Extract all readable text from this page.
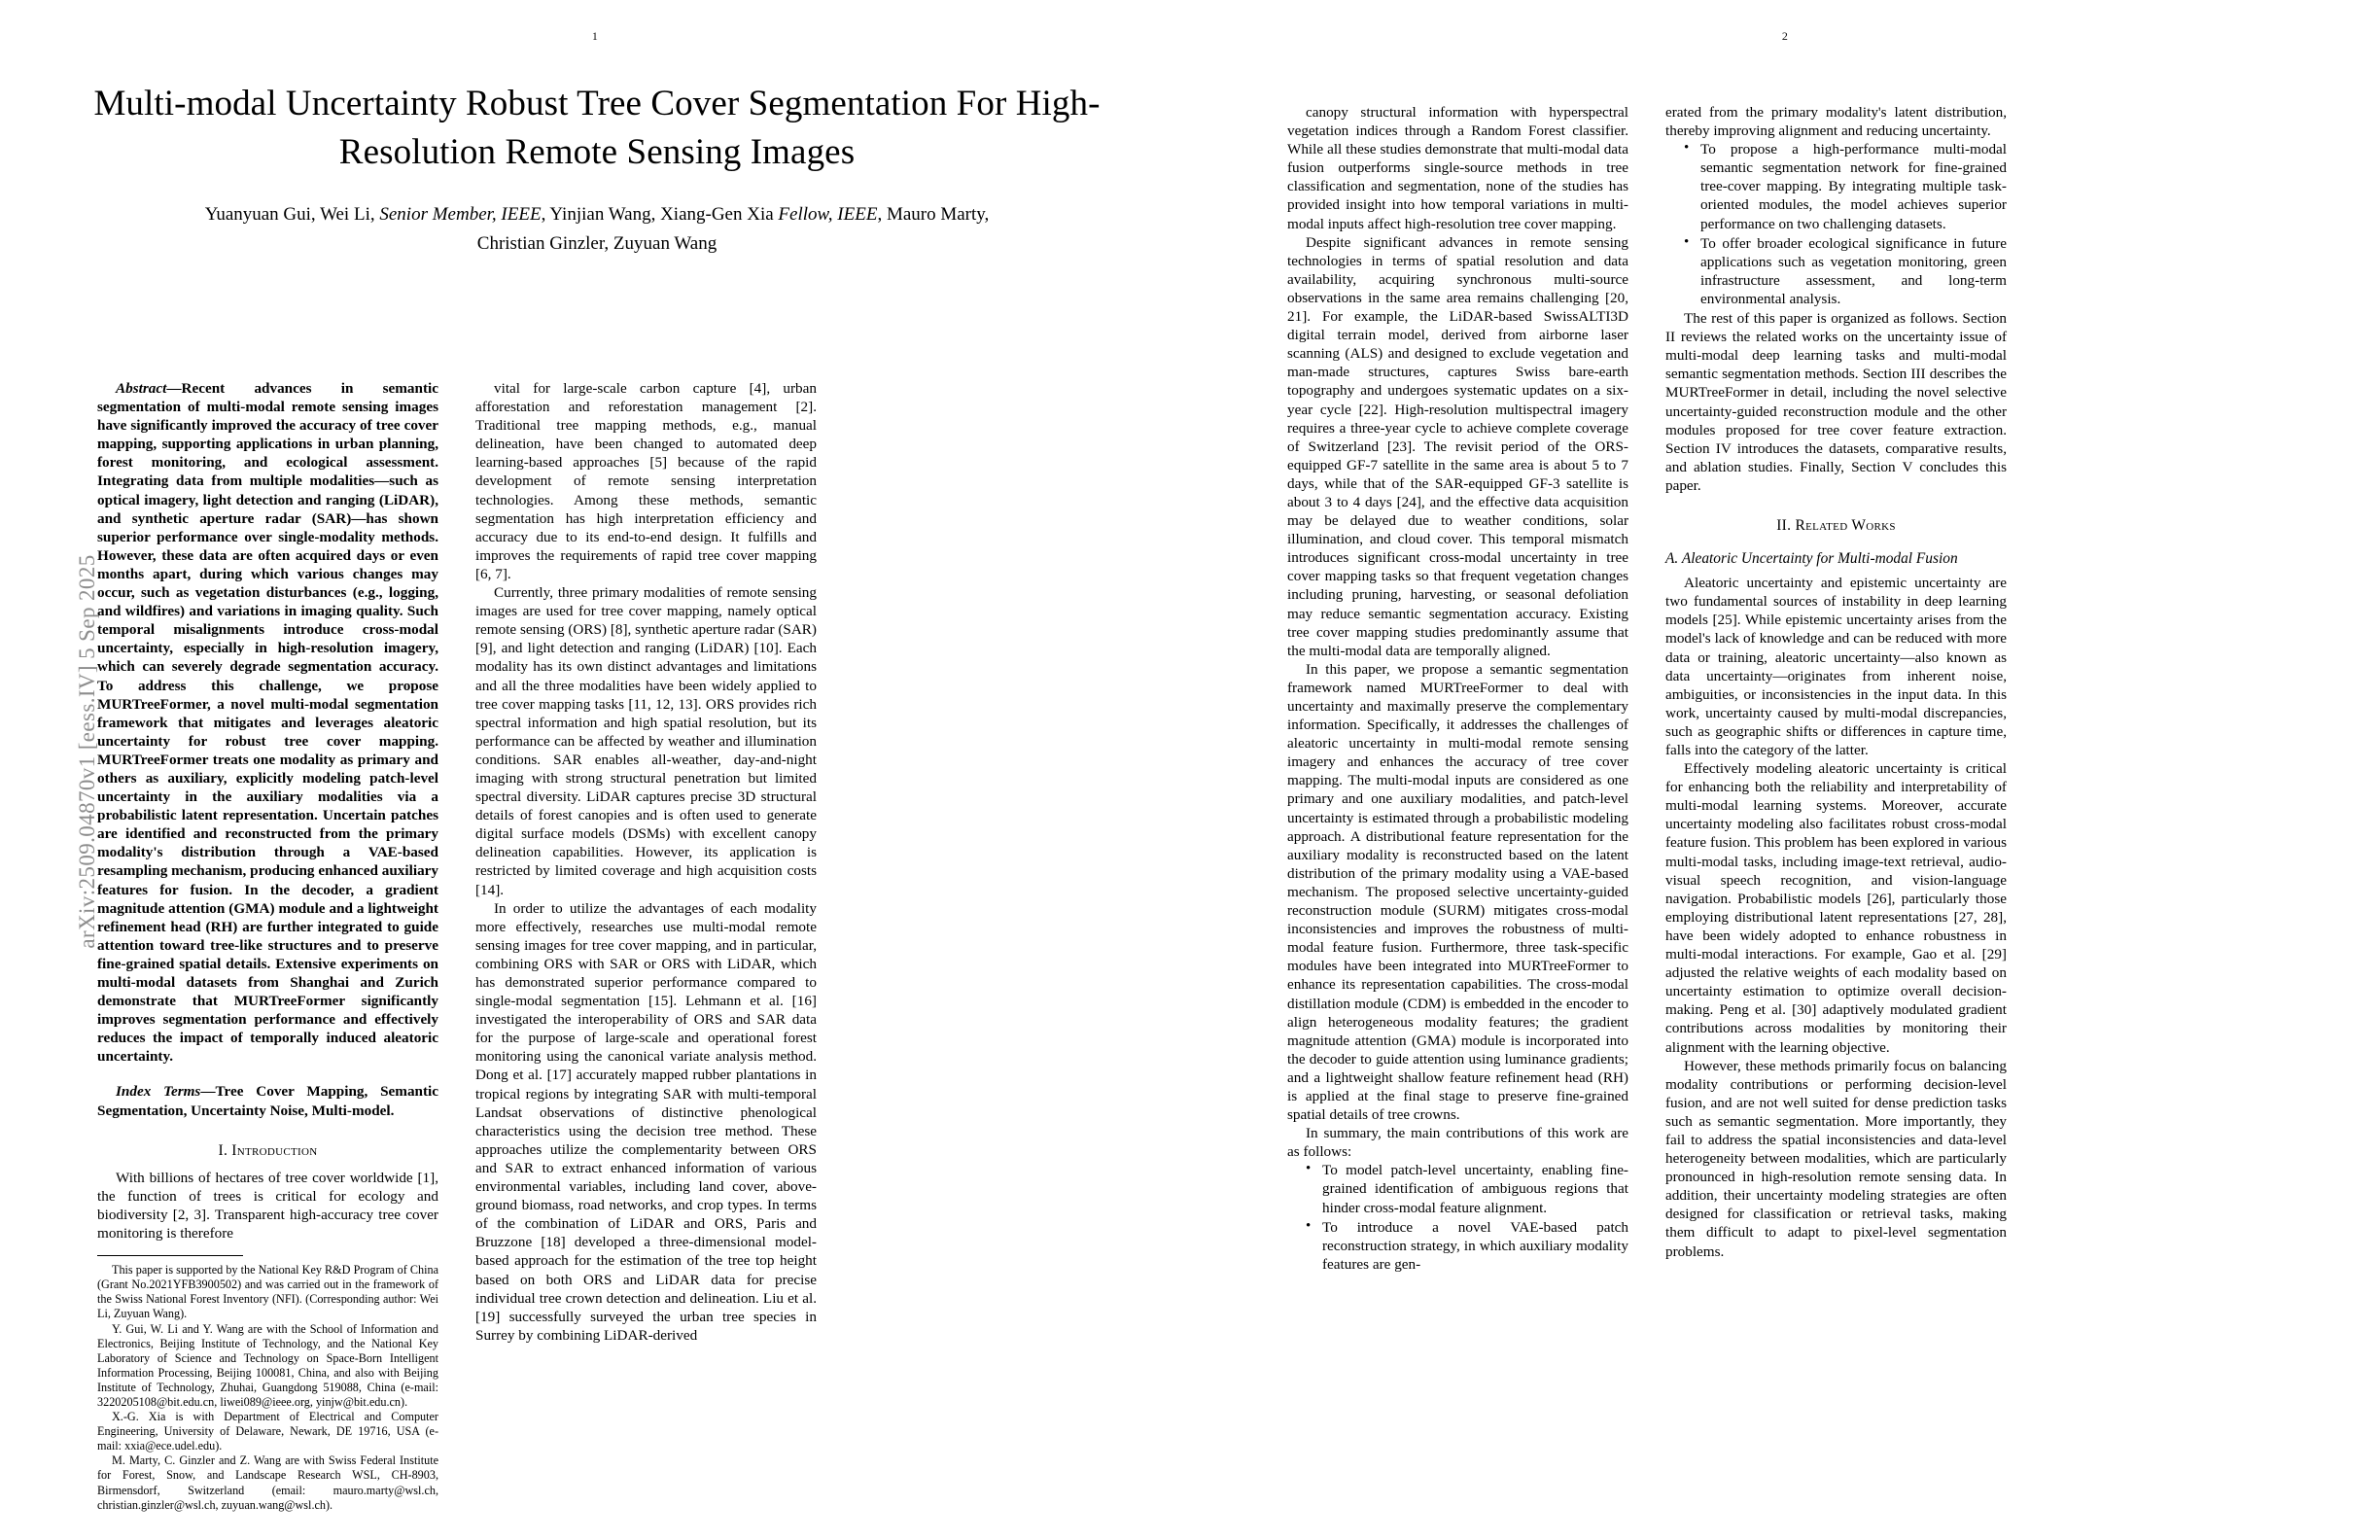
1
arXiv:2509.04870v1 [eess.IV] 5 Sep 2025
Multi-modal Uncertainty Robust Tree Cover Segmentation For High-Resolution Remote Sensing Images
Yuanyuan Gui, Wei Li, Senior Member, IEEE, Yinjian Wang, Xiang-Gen Xia Fellow, IEEE, Mauro Marty,
Christian Ginzler, Zuyuan Wang

Abstract—Recent advances in semantic segmentation of multi-modal remote sensing images have significantly improved the accuracy of tree cover mapping, supporting applications in urban planning, forest monitoring, and ecological assessment. Integrating data from multiple modalities—such as optical imagery, light detection and ranging (LiDAR), and synthetic aperture radar (SAR)—has shown superior performance over single-modality methods. However, these data are often acquired days or even months apart, during which various changes may occur, such as vegetation disturbances (e.g., logging, and wildfires) and variations in imaging quality. Such temporal misalignments introduce cross-modal uncertainty, especially in high-resolution imagery, which can severely degrade segmentation accuracy. To address this challenge, we propose MURTreeFormer, a novel multi-modal segmentation framework that mitigates and leverages aleatoric uncertainty for robust tree cover mapping. MURTreeFormer treats one modality as primary and others as auxiliary, explicitly modeling patch-level uncertainty in the auxiliary modalities via a probabilistic latent representation. Uncertain patches are identified and reconstructed from the primary modality's distribution through a VAE-based resampling mechanism, producing enhanced auxiliary features for fusion. In the decoder, a gradient magnitude attention (GMA) module and a lightweight refinement head (RH) are further integrated to guide attention toward tree-like structures and to preserve fine-grained spatial details. Extensive experiments on multi-modal datasets from Shanghai and Zurich demonstrate that MURTreeFormer significantly improves segmentation performance and effectively reduces the impact of temporally induced aleatoric uncertainty.

Index Terms—Tree Cover Mapping, Semantic Segmentation, Uncertainty Noise, Multi-model.

I. Introduction

With billions of hectares of tree cover worldwide [1], the function of trees is critical for ecology and biodiversity [2, 3]. Transparent high-accuracy tree cover monitoring is therefore

This paper is supported by the National Key R&D Program of China (Grant No.2021YFB3900502) and was carried out in the framework of the Swiss National Forest Inventory (NFI). (Corresponding author: Wei Li, Zuyuan Wang).

Y. Gui, W. Li and Y. Wang are with the School of Information and Electronics, Beijing Institute of Technology, and the National Key Laboratory of Science and Technology on Space-Born Intelligent Information Processing, Beijing 100081, China, and also with Beijing Institute of Technology, Zhuhai, Guangdong 519088, China (e-mail: 3220205108@bit.edu.cn, liwei089@ieee.org, yinjw@bit.edu.cn).

X.-G. Xia is with Department of Electrical and Computer Engineering, University of Delaware, Newark, DE 19716, USA (e-mail: xxia@ece.udel.edu).

M. Marty, C. Ginzler and Z. Wang are with Swiss Federal Institute for Forest, Snow, and Landscape Research WSL, CH-8903, Birmensdorf, Switzerland (email: mauro.marty@wsl.ch, christian.ginzler@wsl.ch, zuyuan.wang@wsl.ch).

vital for large-scale carbon capture [4], urban afforestation and reforestation management [2]. Traditional tree mapping methods, e.g., manual delineation, have been changed to automated deep learning-based approaches [5] because of the rapid development of remote sensing interpretation technologies. Among these methods, semantic segmentation has high interpretation efficiency and accuracy due to its end-to-end design. It fulfills and improves the requirements of rapid tree cover mapping [6, 7].

Currently, three primary modalities of remote sensing images are used for tree cover mapping, namely optical remote sensing (ORS) [8], synthetic aperture radar (SAR) [9], and light detection and ranging (LiDAR) [10]. Each modality has its own distinct advantages and limitations and all the three modalities have been widely applied to tree cover mapping tasks [11, 12, 13]. ORS provides rich spectral information and high spatial resolution, but its performance can be affected by weather and illumination conditions. SAR enables all-weather, day-and-night imaging with strong structural penetration but limited spectral diversity. LiDAR captures precise 3D structural details of forest canopies and is often used to generate digital surface models (DSMs) with excellent canopy delineation capabilities. However, its application is restricted by limited coverage and high acquisition costs [14].

In order to utilize the advantages of each modality more effectively, researches use multi-modal remote sensing images for tree cover mapping, and in particular, combining ORS with SAR or ORS with LiDAR, which has demonstrated superior performance compared to single-modal segmentation [15]. Lehmann et al. [16] investigated the interoperability of ORS and SAR data for the purpose of large-scale and operational forest monitoring using the canonical variate analysis method. Dong et al. [17] accurately mapped rubber plantations in tropical regions by integrating SAR with multi-temporal Landsat observations of distinctive phenological characteristics using the decision tree method. These approaches utilize the complementarity between ORS and SAR to extract enhanced information of various environmental variables, including land cover, above-ground biomass, road networks, and crop types. In terms of the combination of LiDAR and ORS, Paris and Bruzzone [18] developed a three-dimensional model-based approach for the estimation of the tree top height based on both ORS and LiDAR data for precise individual tree crown detection and delineation. Liu et al. [19] successfully surveyed the urban tree species in Surrey by combining LiDAR-derived

2

canopy structural information with hyperspectral vegetation indices through a Random Forest classifier. While all these studies demonstrate that multi-modal data fusion outperforms single-source methods in tree classification and segmentation, none of the studies has provided insight into how temporal variations in multi-modal inputs affect high-resolution tree cover mapping.

Despite significant advances in remote sensing technologies in terms of spatial resolution and data availability, acquiring synchronous multi-source observations in the same area remains challenging [20, 21]. For example, the LiDAR-based SwissALTI3D digital terrain model, derived from airborne laser scanning (ALS) and designed to exclude vegetation and man-made structures, captures Swiss bare-earth topography and undergoes systematic updates on a six-year cycle [22]. High-resolution multispectral imagery requires a three-year cycle to achieve complete coverage of Switzerland [23]. The revisit period of the ORS-equipped GF-7 satellite in the same area is about 5 to 7 days, while that of the SAR-equipped GF-3 satellite is about 3 to 4 days [24], and the effective data acquisition may be delayed due to weather conditions, solar illumination, and cloud cover. This temporal mismatch introduces significant cross-modal uncertainty in tree cover mapping tasks so that frequent vegetation changes including pruning, harvesting, or seasonal defoliation may reduce semantic segmentation accuracy. Existing tree cover mapping studies predominantly assume that the multi-modal data are temporally aligned.

In this paper, we propose a semantic segmentation framework named MURTreeFormer to deal with uncertainty and maximally preserve the complementary information. Specifically, it addresses the challenges of aleatoric uncertainty in multi-modal remote sensing imagery and enhances the accuracy of tree cover mapping. The multi-modal inputs are considered as one primary and one auxiliary modalities, and patch-level uncertainty is estimated through a probabilistic modeling approach. A distributional feature representation for the auxiliary modality is reconstructed based on the latent distribution of the primary modality using a VAE-based mechanism. The proposed selective uncertainty-guided reconstruction module (SURM) mitigates cross-modal inconsistencies and improves the robustness of multi-modal feature fusion. Furthermore, three task-specific modules have been integrated into MURTreeFormer to enhance its representation capabilities. The cross-modal distillation module (CDM) is embedded in the encoder to align heterogeneous modality features; the gradient magnitude attention (GMA) module is incorporated into the decoder to guide attention using luminance gradients; and a lightweight shallow feature refinement head (RH) is applied at the final stage to preserve fine-grained spatial details of tree crowns.

In summary, the main contributions of this work are as follows:

• To model patch-level uncertainty, enabling fine-grained identification of ambiguous regions that hinder cross-modal feature alignment.
• To introduce a novel VAE-based patch reconstruction strategy, in which auxiliary modality features are gen-

erated from the primary modality's latent distribution, thereby improving alignment and reducing uncertainty.

• To propose a high-performance multi-modal semantic segmentation network for fine-grained tree-cover mapping. By integrating multiple task-oriented modules, the model achieves superior performance on two challenging datasets.
• To offer broader ecological significance in future applications such as vegetation monitoring, green infrastructure assessment, and long-term environmental analysis.

The rest of this paper is organized as follows. Section II reviews the related works on the uncertainty issue of multi-modal deep learning tasks and multi-modal semantic segmentation methods. Section III describes the MURTreeFormer in detail, including the novel selective uncertainty-guided reconstruction module and the other modules proposed for tree cover feature extraction. Section IV introduces the datasets, comparative results, and ablation studies. Finally, Section V concludes this paper.

II. Related Works
A. Aleatoric Uncertainty for Multi-modal Fusion

Aleatoric uncertainty and epistemic uncertainty are two fundamental sources of instability in deep learning models [25]. While epistemic uncertainty arises from the model's lack of knowledge and can be reduced with more data or training, aleatoric uncertainty—also known as data uncertainty—originates from inherent noise, ambiguities, or inconsistencies in the input data. In this work, uncertainty caused by multi-modal discrepancies, such as geographic shifts or differences in capture time, falls into the category of the latter.

Effectively modeling aleatoric uncertainty is critical for enhancing both the reliability and interpretability of multi-modal learning systems. Moreover, accurate uncertainty modeling also facilitates robust cross-modal feature fusion. This problem has been explored in various multi-modal tasks, including image-text retrieval, audio-visual speech recognition, and vision-language navigation. Probabilistic models [26], particularly those employing distributional latent representations [27, 28], have been widely adopted to enhance robustness in multi-modal interactions. For example, Gao et al. [29] adjusted the relative weights of each modality based on uncertainty estimation to optimize overall decision-making. Peng et al. [30] adaptively modulated gradient contributions across modalities by monitoring their alignment with the learning objective.

However, these methods primarily focus on balancing modality contributions or performing decision-level fusion, and are not well suited for dense prediction tasks such as semantic segmentation. More importantly, they fail to address the spatial inconsistencies and data-level heterogeneity between modalities, which are particularly pronounced in high-resolution remote sensing data. In addition, their uncertainty modeling strategies are often designed for classification or retrieval tasks, making them difficult to adapt to pixel-level segmentation problems.
